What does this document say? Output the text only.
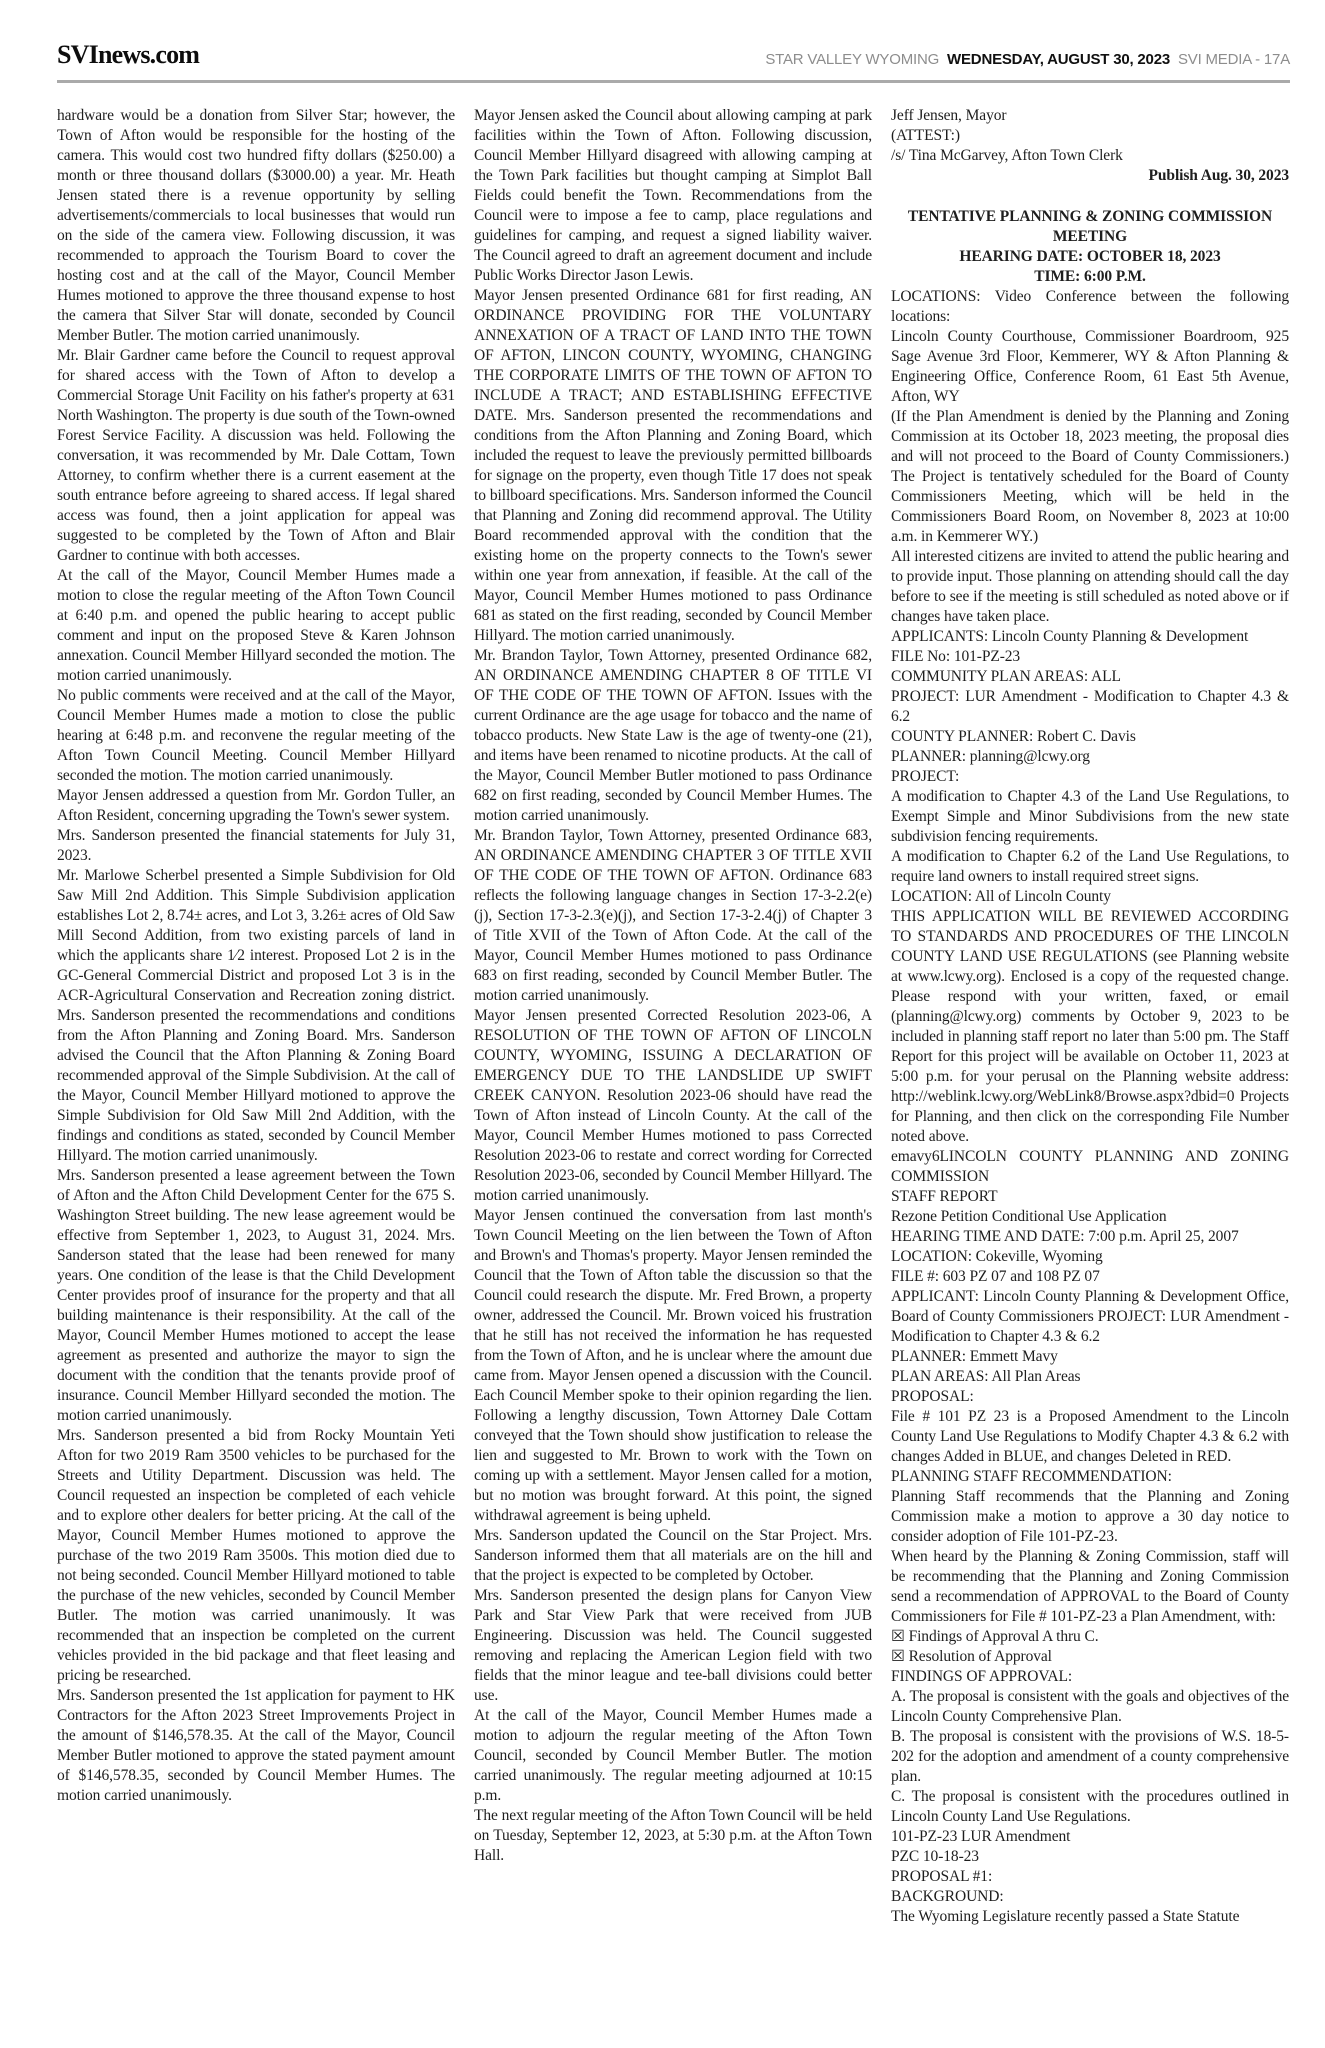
SVInews.com	STAR VALLEY WYOMING WEDNESDAY, AUGUST 30, 2023 SVI MEDIA - 17A

hardware would be a donation from Silver Star; however, the Town of Afton would be responsible for the hosting of the camera. This would cost two hundred fifty dollars ($250.00) a month or three thousand dollars ($3000.00) a year. Mr. Heath Jensen stated there is a revenue opportunity by selling advertisements/commercials to local businesses that would run on the side of the camera view. Following discussion, it was recommended to approach the Tourism Board to cover the hosting cost and at the call of the Mayor, Council Member Humes motioned to approve the three thousand expense to host the camera that Silver Star will donate, seconded by Council Member Butler. The motion carried unanimously.

Mr. Blair Gardner came before the Council to request approval for shared access with the Town of Afton to develop a Commercial Storage Unit Facility on his father's property at 631 North Washington. The property is due south of the Town-owned Forest Service Facility. A discussion was held. Following the conversation, it was recommended by Mr. Dale Cottam, Town Attorney, to confirm whether there is a current easement at the south entrance before agreeing to shared access. If legal shared access was found, then a joint application for appeal was suggested to be completed by the Town of Afton and Blair Gardner to continue with both accesses.

At the call of the Mayor, Council Member Humes made a motion to close the regular meeting of the Afton Town Council at 6:40 p.m. and opened the public hearing to accept public comment and input on the proposed Steve & Karen Johnson annexation. Council Member Hillyard seconded the motion. The motion carried unanimously.

No public comments were received and at the call of the Mayor, Council Member Humes made a motion to close the public hearing at 6:48 p.m. and reconvene the regular meeting of the Afton Town Council Meeting. Council Member Hillyard seconded the motion. The motion carried unanimously.

Mayor Jensen addressed a question from Mr. Gordon Tuller, an Afton Resident, concerning upgrading the Town's sewer system.

Mrs. Sanderson presented the financial statements for July 31, 2023.

Mr. Marlowe Scherbel presented a Simple Subdivision for Old Saw Mill 2nd Addition. This Simple Subdivision application establishes Lot 2, 8.74± acres, and Lot 3, 3.26± acres of Old Saw Mill Second Addition, from two existing parcels of land in which the applicants share 1⁄2 interest. Proposed Lot 2 is in the GC-General Commercial District and proposed Lot 3 is in the ACR-Agricultural Conservation and Recreation zoning district. Mrs. Sanderson presented the recommendations and conditions from the Afton Planning and Zoning Board. Mrs. Sanderson advised the Council that the Afton Planning & Zoning Board recommended approval of the Simple Subdivision. At the call of the Mayor, Council Member Hillyard motioned to approve the Simple Subdivision for Old Saw Mill 2nd Addition, with the findings and conditions as stated, seconded by Council Member Hillyard. The motion carried unanimously.

Mrs. Sanderson presented a lease agreement between the Town of Afton and the Afton Child Development Center for the 675 S. Washington Street building. The new lease agreement would be effective from September 1, 2023, to August 31, 2024. Mrs. Sanderson stated that the lease had been renewed for many years. One condition of the lease is that the Child Development Center provides proof of insurance for the property and that all building maintenance is their responsibility. At the call of the Mayor, Council Member Humes motioned to accept the lease agreement as presented and authorize the mayor to sign the document with the condition that the tenants provide proof of insurance. Council Member Hillyard seconded the motion. The motion carried unanimously.

Mrs. Sanderson presented a bid from Rocky Mountain Yeti Afton for two 2019 Ram 3500 vehicles to be purchased for the Streets and Utility Department. Discussion was held. The Council requested an inspection be completed of each vehicle and to explore other dealers for better pricing. At the call of the Mayor, Council Member Humes motioned to approve the purchase of the two 2019 Ram 3500s. This motion died due to not being seconded. Council Member Hillyard motioned to table the purchase of the new vehicles, seconded by Council Member Butler. The motion was carried unanimously. It was recommended that an inspection be completed on the current vehicles provided in the bid package and that fleet leasing and pricing be researched.

Mrs. Sanderson presented the 1st application for payment to HK Contractors for the Afton 2023 Street Improvements Project in the amount of $146,578.35. At the call of the Mayor, Council Member Butler motioned to approve the stated payment amount of $146,578.35, seconded by Council Member Humes. The motion carried unanimously.

Mayor Jensen asked the Council about allowing camping at park facilities within the Town of Afton. Following discussion, Council Member Hillyard disagreed with allowing camping at the Town Park facilities but thought camping at Simplot Ball Fields could benefit the Town. Recommendations from the Council were to impose a fee to camp, place regulations and guidelines for camping, and request a signed liability waiver. The Council agreed to draft an agreement document and include Public Works Director Jason Lewis.

Mayor Jensen presented Ordinance 681 for first reading, AN ORDINANCE PROVIDING FOR THE VOLUNTARY ANNEXATION OF A TRACT OF LAND INTO THE TOWN OF AFTON, LINCON COUNTY, WYOMING, CHANGING THE CORPORATE LIMITS OF THE TOWN OF AFTON TO INCLUDE A TRACT; AND ESTABLISHING EFFECTIVE DATE. Mrs. Sanderson presented the recommendations and conditions from the Afton Planning and Zoning Board, which included the request to leave the previously permitted billboards for signage on the property, even though Title 17 does not speak to billboard specifications. Mrs. Sanderson informed the Council that Planning and Zoning did recommend approval. The Utility Board recommended approval with the condition that the existing home on the property connects to the Town's sewer within one year from annexation, if feasible. At the call of the Mayor, Council Member Humes motioned to pass Ordinance 681 as stated on the first reading, seconded by Council Member Hillyard. The motion carried unanimously.

Mr. Brandon Taylor, Town Attorney, presented Ordinance 682, AN ORDINANCE AMENDING CHAPTER 8 OF TITLE VI OF THE CODE OF THE TOWN OF AFTON. Issues with the current Ordinance are the age usage for tobacco and the name of tobacco products. New State Law is the age of twenty-one (21), and items have been renamed to nicotine products. At the call of the Mayor, Council Member Butler motioned to pass Ordinance 682 on first reading, seconded by Council Member Humes. The motion carried unanimously.

Mr. Brandon Taylor, Town Attorney, presented Ordinance 683, AN ORDINANCE AMENDING CHAPTER 3 OF TITLE XVII OF THE CODE OF THE TOWN OF AFTON. Ordinance 683 reflects the following language changes in Section 17-3-2.2(e)(j), Section 17-3-2.3(e)(j), and Section 17-3-2.4(j) of Chapter 3 of Title XVII of the Town of Afton Code. At the call of the Mayor, Council Member Humes motioned to pass Ordinance 683 on first reading, seconded by Council Member Butler. The motion carried unanimously.

Mayor Jensen presented Corrected Resolution 2023-06, A RESOLUTION OF THE TOWN OF AFTON OF LINCOLN COUNTY, WYOMING, ISSUING A DECLARATION OF EMERGENCY DUE TO THE LANDSLIDE UP SWIFT CREEK CANYON. Resolution 2023-06 should have read the Town of Afton instead of Lincoln County. At the call of the Mayor, Council Member Humes motioned to pass Corrected Resolution 2023-06 to restate and correct wording for Corrected Resolution 2023-06, seconded by Council Member Hillyard. The motion carried unanimously.

Mayor Jensen continued the conversation from last month's Town Council Meeting on the lien between the Town of Afton and Brown's and Thomas's property. Mayor Jensen reminded the Council that the Town of Afton table the discussion so that the Council could research the dispute. Mr. Fred Brown, a property owner, addressed the Council. Mr. Brown voiced his frustration that he still has not received the information he has requested from the Town of Afton, and he is unclear where the amount due came from. Mayor Jensen opened a discussion with the Council. Each Council Member spoke to their opinion regarding the lien. Following a lengthy discussion, Town Attorney Dale Cottam conveyed that the Town should show justification to release the lien and suggested to Mr. Brown to work with the Town on coming up with a settlement. Mayor Jensen called for a motion, but no motion was brought forward. At this point, the signed withdrawal agreement is being upheld.

Mrs. Sanderson updated the Council on the Star Project. Mrs. Sanderson informed them that all materials are on the hill and that the project is expected to be completed by October.

Mrs. Sanderson presented the design plans for Canyon View Park and Star View Park that were received from JUB Engineering. Discussion was held. The Council suggested removing and replacing the American Legion field with two fields that the minor league and tee-ball divisions could better use.

At the call of the Mayor, Council Member Humes made a motion to adjourn the regular meeting of the Afton Town Council, seconded by Council Member Butler. The motion carried unanimously. The regular meeting adjourned at 10:15 p.m.

The next regular meeting of the Afton Town Council will be held on Tuesday, September 12, 2023, at 5:30 p.m. at the Afton Town Hall.

Jeff Jensen, Mayor

(ATTEST:)

/s/ Tina McGarvey, Afton Town Clerk

Publish Aug. 30, 2023

TENTATIVE PLANNING & ZONING COMMISSION MEETING

HEARING DATE: OCTOBER 18, 2023

TIME: 6:00 P.M.

LOCATIONS: Video Conference between the following locations:

Lincoln County Courthouse, Commissioner Boardroom, 925 Sage Avenue 3rd Floor, Kemmerer, WY & Afton Planning & Engineering Office, Conference Room, 61 East 5th Avenue, Afton, WY

(If the Plan Amendment is denied by the Planning and Zoning Commission at its October 18, 2023 meeting, the proposal dies and will not proceed to the Board of County Commissioners.) The Project is tentatively scheduled for the Board of County Commissioners Meeting, which will be held in the Commissioners Board Room, on November 8, 2023 at 10:00 a.m. in Kemmerer WY.)

All interested citizens are invited to attend the public hearing and to provide input. Those planning on attending should call the day before to see if the meeting is still scheduled as noted above or if changes have taken place.

APPLICANTS: Lincoln County Planning & Development

FILE No: 101-PZ-23

COMMUNITY PLAN AREAS: ALL

PROJECT: LUR Amendment - Modification to Chapter 4.3 & 6.2

COUNTY PLANNER: Robert C. Davis

PLANNER: planning@lcwy.org

PROJECT:

A modification to Chapter 4.3 of the Land Use Regulations, to Exempt Simple and Minor Subdivisions from the new state subdivision fencing requirements.

A modification to Chapter 6.2 of the Land Use Regulations, to require land owners to install required street signs.

LOCATION: All of Lincoln County

THIS APPLICATION WILL BE REVIEWED ACCORDING TO STANDARDS AND PROCEDURES OF THE LINCOLN COUNTY LAND USE REGULATIONS (see Planning website at www.lcwy.org). Enclosed is a copy of the requested change. Please respond with your written, faxed, or email (planning@lcwy.org) comments by October 9, 2023 to be included in planning staff report no later than 5:00 pm. The Staff Report for this project will be available on October 11, 2023 at 5:00 p.m. for your perusal on the Planning website address: http://weblink.lcwy.org/WebLink8/Browse.aspx?dbid=0 Projects for Planning, and then click on the corresponding File Number noted above.

emavy6LINCOLN COUNTY PLANNING AND ZONING COMMISSION

STAFF REPORT

Rezone Petition Conditional Use Application

HEARING TIME AND DATE: 7:00 p.m. April 25, 2007

LOCATION: Cokeville, Wyoming

FILE #: 603 PZ 07 and 108 PZ 07

APPLICANT: Lincoln County Planning & Development Office, Board of County Commissioners PROJECT: LUR Amendment - Modification to Chapter 4.3 & 6.2

PLANNER: Emmett Mavy

PLAN AREAS: All Plan Areas

PROPOSAL:

File # 101 PZ 23 is a Proposed Amendment to the Lincoln County Land Use Regulations to Modify Chapter 4.3 & 6.2 with changes Added in BLUE, and changes Deleted in RED.

PLANNING STAFF RECOMMENDATION:

Planning Staff recommends that the Planning and Zoning Commission make a motion to approve a 30 day notice to consider adoption of File 101-PZ-23.

When heard by the Planning & Zoning Commission, staff will be recommending that the Planning and Zoning Commission send a recommendation of APPROVAL to the Board of County Commissioners for File # 101-PZ-23 a Plan Amendment, with:

☒ Findings of Approval A thru C.

☒ Resolution of Approval

FINDINGS OF APPROVAL:

A. The proposal is consistent with the goals and objectives of the Lincoln County Comprehensive Plan.

B. The proposal is consistent with the provisions of W.S. 18-5-202 for the adoption and amendment of a county comprehensive plan.

C. The proposal is consistent with the procedures outlined in Lincoln County Land Use Regulations.

101-PZ-23 LUR Amendment

PZC 10-18-23

PROPOSAL #1:

BACKGROUND:

The Wyoming Legislature recently passed a State Statute
